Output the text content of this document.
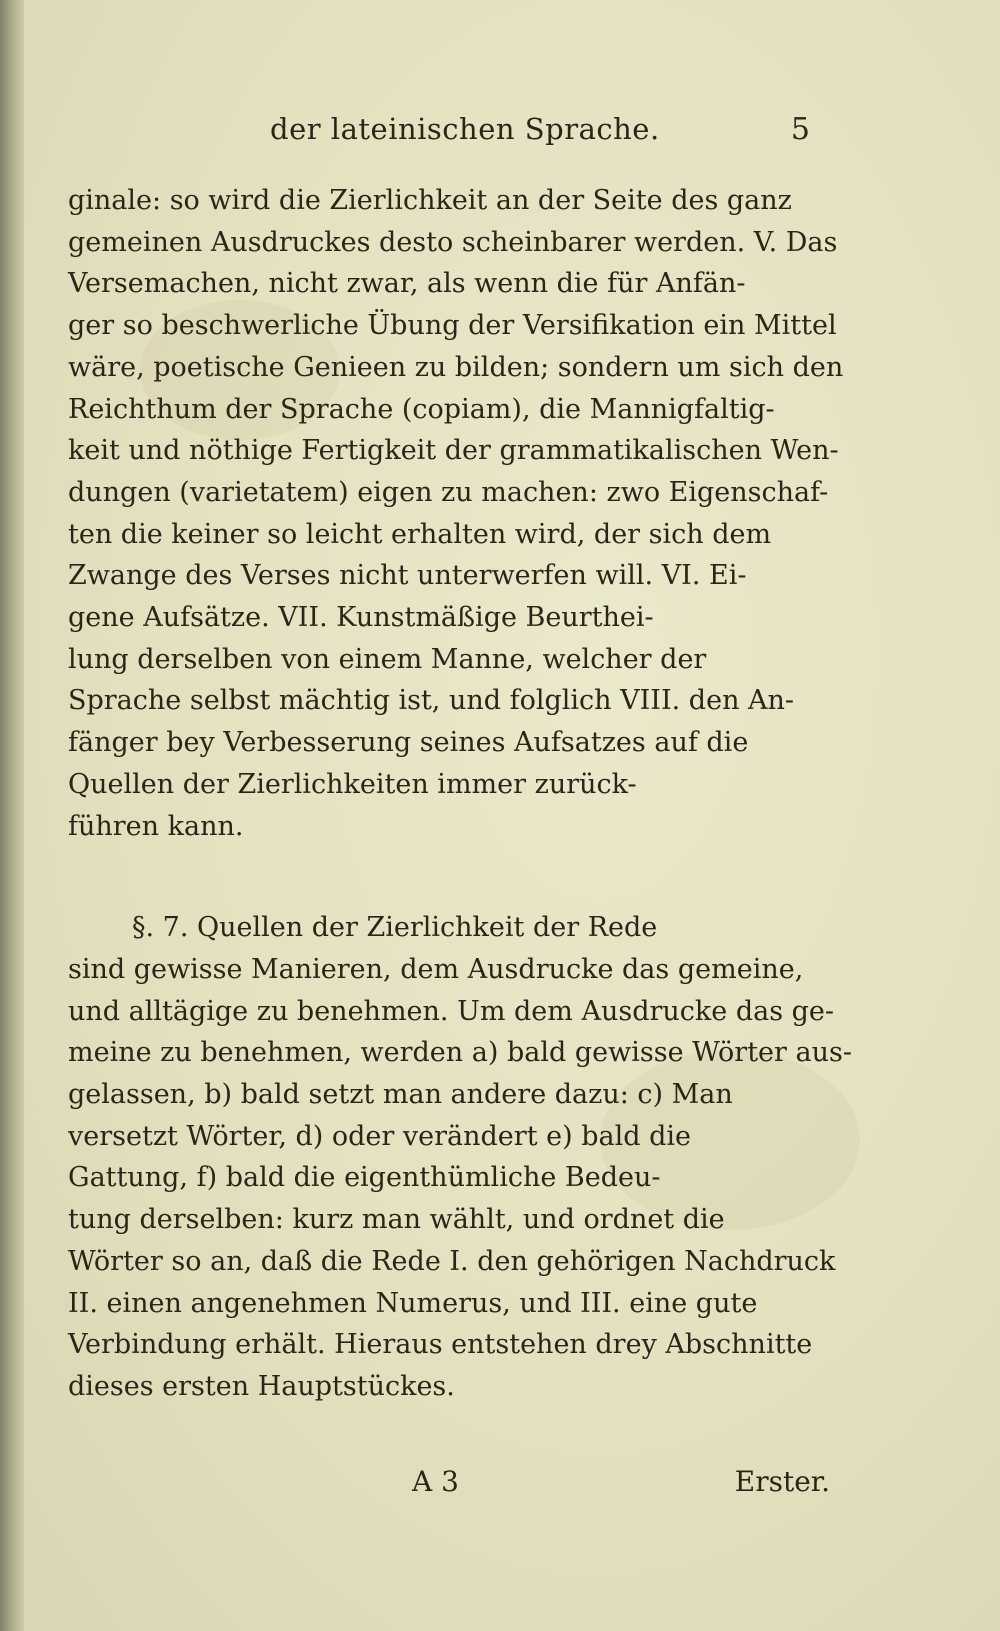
der lateinischen Sprache.	5

ginale: so wird die Zierlichkeit an der Seite des ganz
gemeinen Ausdruckes desto scheinbarer werden. V. Das
Versemachen, nicht zwar, als wenn die für Anfän-
ger so beschwerliche Übung der Versifikation ein Mittel
wäre, poetische Genieen zu bilden; sondern um sich den
Reichthum der Sprache (copiam), die Mannigfaltig-
keit und nöthige Fertigkeit der grammatikalischen Wen-
dungen (varietatem) eigen zu machen: zwo Eigenschaf-
ten die keiner so leicht erhalten wird, der sich dem
Zwange des Verses nicht unterwerfen will. VI. Ei-
gene Aufsätze. VII. Kunstmäßige Beurthei-
lung derselben von einem Manne, welcher der
Sprache selbst mächtig ist, und folglich VIII. den An-
fänger bey Verbesserung seines Aufsatzes auf die
Quellen der Zierlichkeiten immer zurück-
führen kann.

§. 7. Quellen der Zierlichkeit der Rede
sind gewisse Manieren, dem Ausdrucke das gemeine,
und alltägige zu benehmen. Um dem Ausdrucke das ge-
meine zu benehmen, werden a) bald gewisse Wörter aus-
gelassen, b) bald setzt man andere dazu: c) Man
versetzt Wörter, d) oder verändert e) bald die
Gattung, f) bald die eigenthümliche Bedeu-
tung derselben: kurz man wählt, und ordnet die
Wörter so an, daß die Rede I. den gehörigen Nachdruck
II. einen angenehmen Numerus, und III. eine gute
Verbindung erhält. Hieraus entstehen drey Abschnitte
dieses ersten Hauptstückes.

A 3	Erster.
